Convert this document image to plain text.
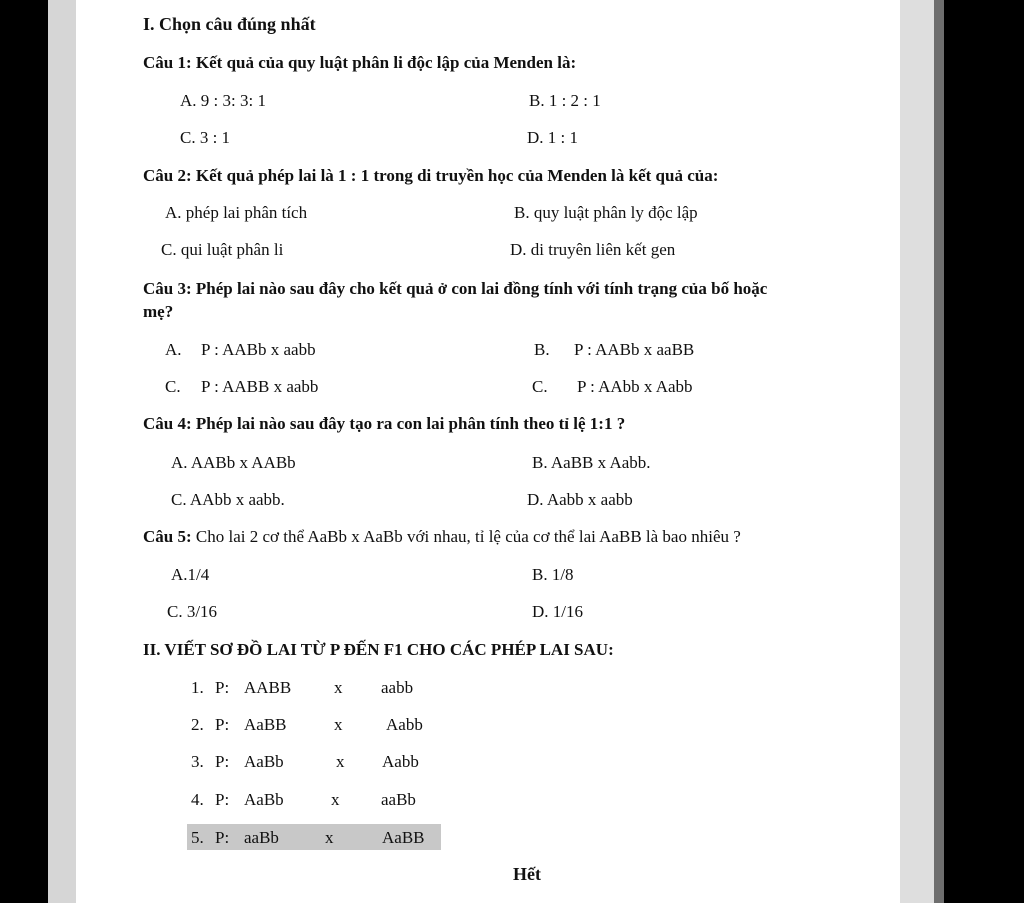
I. Chọn câu đúng nhất
Câu 1: Kết quả của quy luật phân li độc lập của Menden là:
A. 9 : 3: 3: 1	B. 1 : 2 : 1
C. 3 : 1	D. 1 : 1
Câu 2: Kết quả phép lai là 1 : 1 trong di truyền học của Menden là kết quả của:
A. phép lai phân tích	B. quy luật phân ly độc lập
C. qui luật phân li	D. di truyên liên kết gen
Câu 3: Phép lai nào sau đây cho kết quả ở con lai đồng tính với tính trạng của bố hoặc
mẹ?
A. P : AABb x aabb	B. P : AABb x aaBB
C. P : AABB x aabb	C. P : AAbb x Aabb
Câu 4: Phép lai nào sau đây tạo ra con lai phân tính theo tỉ lệ 1:1 ?
A. AABb x AABb	B. AaBB x Aabb.
C. AAbb x aabb.	D. Aabb x aabb
Câu 5: Cho lai 2 cơ thể AaBb x AaBb với nhau, tỉ lệ của cơ thể lai AaBB là bao nhiêu ?
A.1/4	B. 1/8
C. 3/16	D. 1/16
II. VIẾT SƠ ĐỒ LAI TỪ P ĐẾN F1 CHO CÁC PHÉP LAI SAU:
1. P: AABB	x aabb
2. P: AaBB	x	Aabb
3. P: AaBb	x Aabb
4. P: AaBb	x aaBb
5. P: aaBb	x	AaBB
Hết
